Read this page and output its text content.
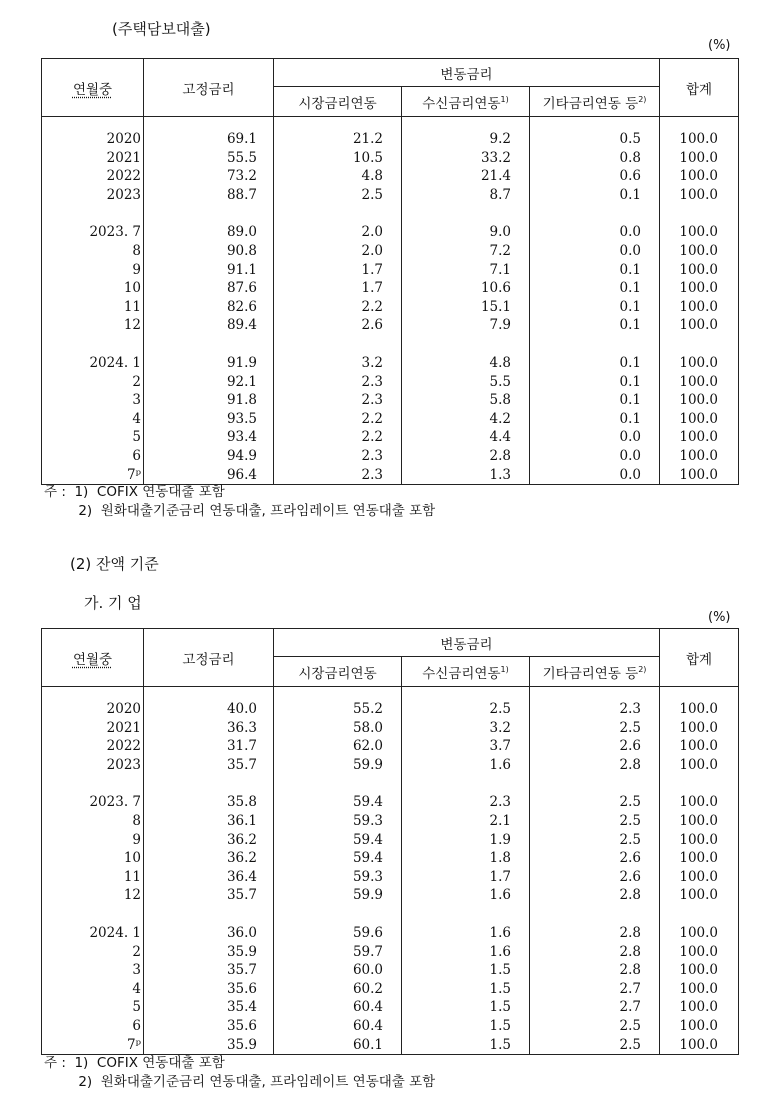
(주택담보대출)
(%)
연월중	고정금리	변동금리			합계
		시장금리연동	수신금리연동$^{1)}$	기타금리연동 등$^{2)}$

2020	69.1	21.2	9.2	0.5	100.0
2021	55.5	10.5	33.2	0.8	100.0
2022	73.2	4.8	21.4	0.6	100.0
2023	88.7	2.5	8.7	0.1	100.0

2023. 7	89.0	2.0	9.0	0.0	100.0
8	90.8	2.0	7.2	0.0	100.0
9	91.1	1.7	7.1	0.1	100.0
10	87.6	1.7	10.6	0.1	100.0
11	82.6	2.2	15.1	0.1	100.0
12	89.4	2.6	7.9	0.1	100.0

2024. 1	91.9	3.2	4.8	0.1	100.0
2	92.1	2.3	5.5	0.1	100.0
3	91.8	2.3	5.8	0.1	100.0
4	93.5	2.2	4.2	0.1	100.0
5	93.4	2.2	4.4	0.0	100.0
6	94.9	2.3	2.8	0.0	100.0
7ᵖ	96.4	2.3	1.3	0.0	100.0
주 :  1)  COFIX 연동대출 포함
2)  원화대출기준금리 연동대출, 프라임레이트 연동대출 포함
(2) 잔액 기준
가. 기 업
(%)
연월중	고정금리	변동금리			합계
		시장금리연동	수신금리연동$^{1)}$	기타금리연동 등$^{2)}$

2020	40.0	55.2	2.5	2.3	100.0
2021	36.3	58.0	3.2	2.5	100.0
2022	31.7	62.0	3.7	2.6	100.0
2023	35.7	59.9	1.6	2.8	100.0

2023. 7	35.8	59.4	2.3	2.5	100.0
8	36.1	59.3	2.1	2.5	100.0
9	36.2	59.4	1.9	2.5	100.0
10	36.2	59.4	1.8	2.6	100.0
11	36.4	59.3	1.7	2.6	100.0
12	35.7	59.9	1.6	2.8	100.0

2024. 1	36.0	59.6	1.6	2.8	100.0
2	35.9	59.7	1.6	2.8	100.0
3	35.7	60.0	1.5	2.8	100.0
4	35.6	60.2	1.5	2.7	100.0
5	35.4	60.4	1.5	2.7	100.0
6	35.6	60.4	1.5	2.5	100.0
7ᵖ	35.9	60.1	1.5	2.5	100.0
주 :  1)  COFIX 연동대출 포함
2)  원화대출기준금리 연동대출, 프라임레이트 연동대출 포함
